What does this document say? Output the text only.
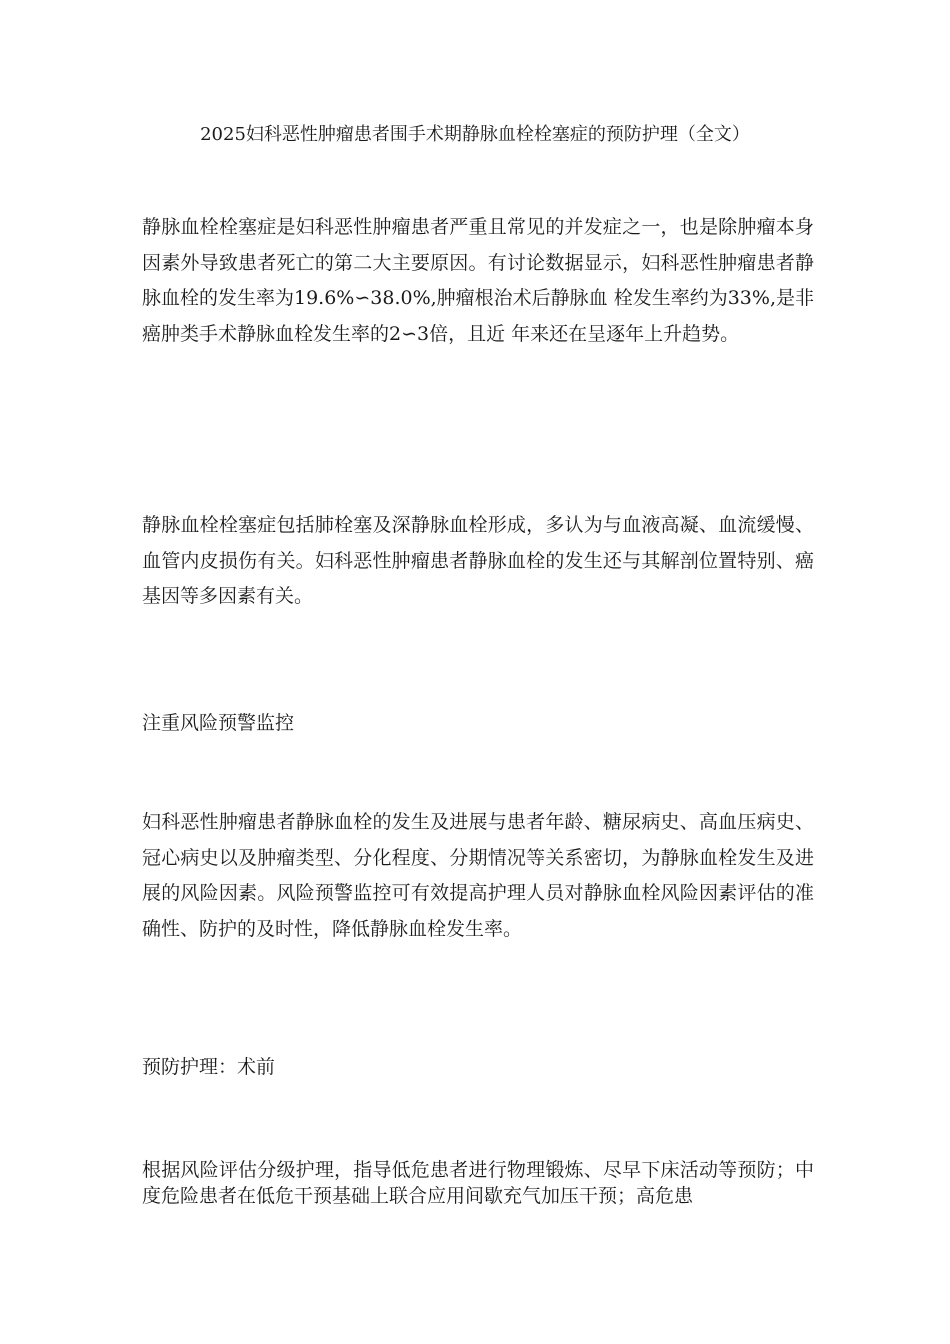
2025妇科恶性肿瘤患者围手术期静脉血栓栓塞症的预防护理（全文）

静脉血栓栓塞症是妇科恶性肿瘤患者严重且常见的并发症之一，也是除肿瘤本身因素外导致患者死亡的第二大主要原因。有讨论数据显示，妇科恶性肿瘤患者静脉血栓的发生率为19.6%∽38.0%,肿瘤根治术后静脉血 栓发生率约为33%,是非癌肿类手术静脉血栓发生率的2∽3倍，且近 年来还在呈逐年上升趋势。

静脉血栓栓塞症包括肺栓塞及深静脉血栓形成，多认为与血液高凝、血流缓慢、血管内皮损伤有关。妇科恶性肿瘤患者静脉血栓的发生还与其解剖位置特别、癌基因等多因素有关。

注重风险预警监控

妇科恶性肿瘤患者静脉血栓的发生及进展与患者年龄、糖尿病史、高血压病史、冠心病史以及肿瘤类型、分化程度、分期情况等关系密切，为静脉血栓发生及进展的风险因素。风险预警监控可有效提高护理人员对静脉血栓风险因素评估的准确性、防护的及时性，降低静脉血栓发生率。

预防护理：术前

根据风险评估分级护理，指导低危患者进行物理锻炼、尽早下床活动等预防；中度危险患者在低危干预基础上联合应用间歇充气加压干预；高危患
